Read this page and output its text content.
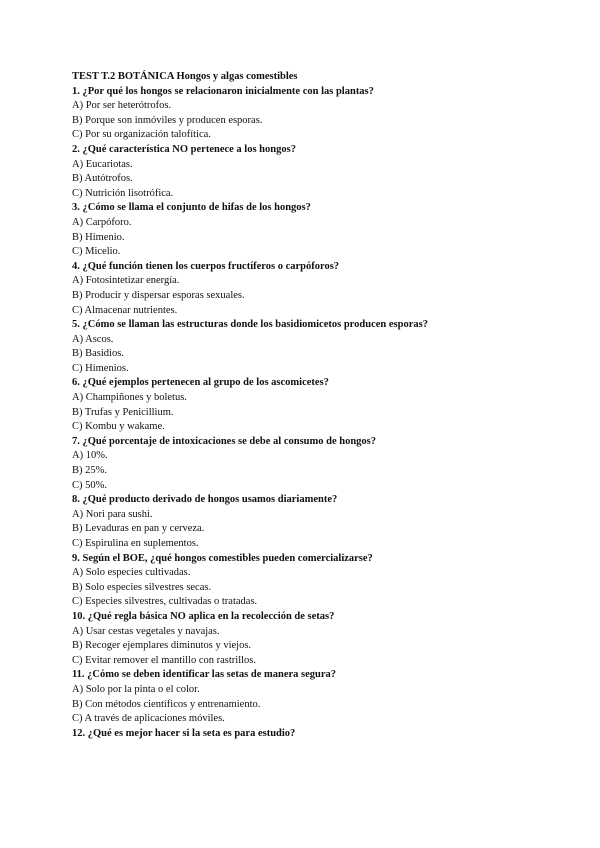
TEST T.2 BOTÁNICA Hongos y algas comestibles
1. ¿Por qué los hongos se relacionaron inicialmente con las plantas?
A) Por ser heterótrofos.
B) Porque son inmóviles y producen esporas.
C) Por su organización talofítica.
2. ¿Qué característica NO pertenece a los hongos?
A) Eucariotas.
B) Autótrofos.
C) Nutrición lisotrófica.
3. ¿Cómo se llama el conjunto de hifas de los hongos?
A) Carpóforo.
B) Himenio.
C) Micelio.
4. ¿Qué función tienen los cuerpos fructíferos o carpóforos?
A) Fotosintetizar energía.
B) Producir y dispersar esporas sexuales.
C) Almacenar nutrientes.
5. ¿Cómo se llaman las estructuras donde los basidiomicetos producen esporas?
A) Ascos.
B) Basidios.
C) Himenios.
6. ¿Qué ejemplos pertenecen al grupo de los ascomicetes?
A) Champiñones y boletus.
B) Trufas y Penicillium.
C) Kombu y wakame.
7. ¿Qué porcentaje de intoxicaciones se debe al consumo de hongos?
A) 10%.
B) 25%.
C) 50%.
8. ¿Qué producto derivado de hongos usamos diariamente?
A) Nori para sushi.
B) Levaduras en pan y cerveza.
C) Espirulina en suplementos.
9. Según el BOE, ¿qué hongos comestibles pueden comercializarse?
A) Solo especies cultivadas.
B) Solo especies silvestres secas.
C) Especies silvestres, cultivadas o tratadas.
10. ¿Qué regla básica NO aplica en la recolección de setas?
A) Usar cestas vegetales y navajas.
B) Recoger ejemplares diminutos y viejos.
C) Evitar remover el mantillo con rastrillos.
11. ¿Cómo se deben identificar las setas de manera segura?
A) Solo por la pinta o el color.
B) Con métodos científicos y entrenamiento.
C) A través de aplicaciones móviles.
12. ¿Qué es mejor hacer si la seta es para estudio?
